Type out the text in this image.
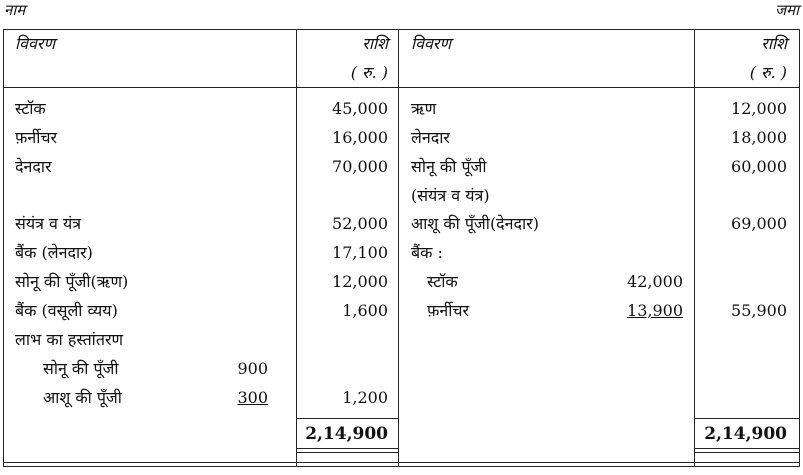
नाम	जमा
विवरण	राशि
( रु. )
विवरण	राशि
( रु. )
स्टॉक	45,000
फ़र्नीचर	16,000
देनदार	70,000
संयंत्र व यंत्र	52,000
बैंक (लेनदार)	17,100
सोनू की पूँजी(ऋण)	12,000
बैंक (वसूली व्यय)	1,600
लाभ का हस्तांतरण
सोनू की पूँजी	900
आशू की पूँजी	300	1,200
2,14,900
ऋण	12,000
लेनदार	18,000
सोनू की पूँजी	60,000
(संयंत्र व यंत्र)
आशू की पूँजी(देनदार)	69,000
बैंक :
स्टॉक	42,000
फ़र्नीचर	13,900	55,900
2,14,900
